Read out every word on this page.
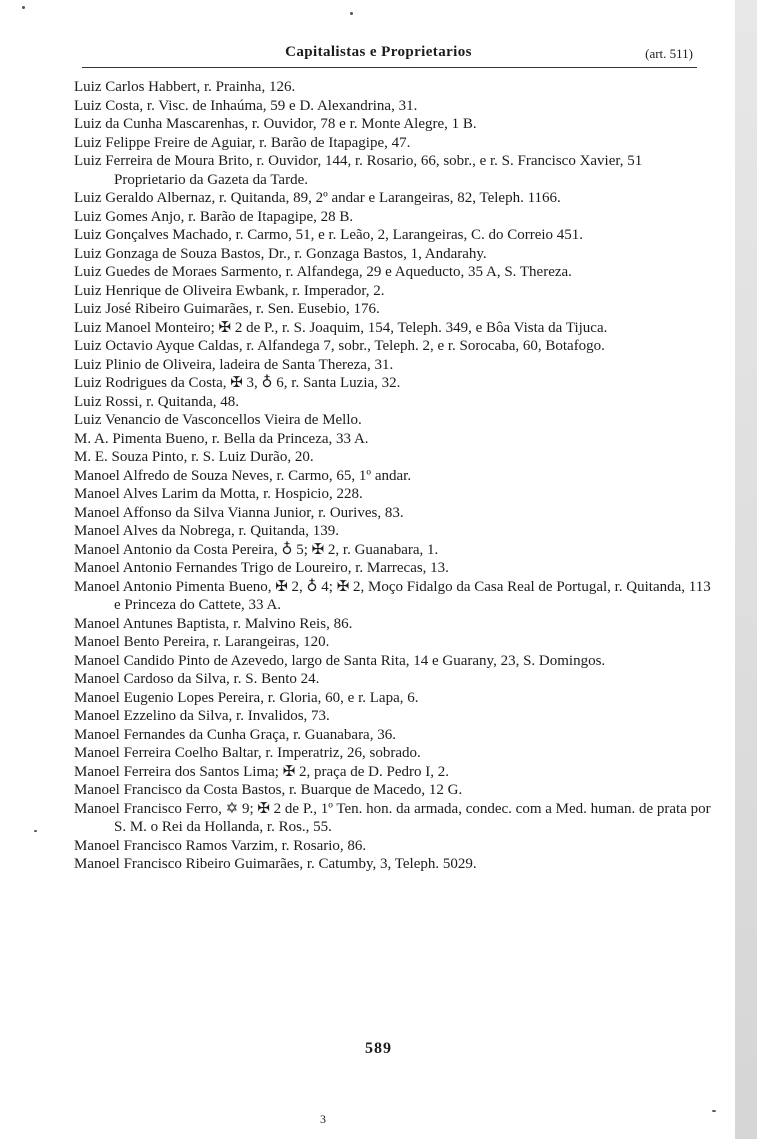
Capitalistas e Proprietarios	(art. 511)
Luiz Carlos Habbert, r. Prainha, 126.
Luiz Costa, r. Visc. de Inhaúma, 59 e D. Alexandrina, 31.
Luiz da Cunha Mascarenhas, r. Ouvidor, 78 e r. Monte Alegre, 1 B.
Luiz Felippe Freire de Aguiar, r. Barão de Itapagipe, 47.
Luiz Ferreira de Moura Brito, r. Ouvidor, 144, r. Rosario, 66, sobr., e r. S. Francisco Xavier, 51 Proprietario da Gazeta da Tarde.
Luiz Geraldo Albernaz, r. Quitanda, 89, 2º andar e Larangeiras, 82, Teleph. 1166.
Luiz Gomes Anjo, r. Barão de Itapagipe, 28 B.
Luiz Gonçalves Machado, r. Carmo, 51, e r. Leão, 2, Larangeiras, C. do Correio 451.
Luiz Gonzaga de Souza Bastos, Dr., r. Gonzaga Bastos, 1, Andarahy.
Luiz Guedes de Moraes Sarmento, r. Alfandega, 29 e Aqueducto, 35 A, S. Thereza.
Luiz Henrique de Oliveira Ewbank, r. Imperador, 2.
Luiz José Ribeiro Guimarães, r. Sen. Eusebio, 176.
Luiz Manoel Monteiro; ✠ 2 de P., r. S. Joaquim, 154, Teleph. 349, e Bôa Vista da Tijuca.
Luiz Octavio Ayque Caldas, r. Alfandega 7, sobr., Teleph. 2, e r. Sorocaba, 60, Botafogo.
Luiz Plinio de Oliveira, ladeira de Santa Thereza, 31.
Luiz Rodrigues da Costa, ✠ 3, ♁ 6, r. Santa Luzia, 32.
Luiz Rossi, r. Quitanda, 48.
Luiz Venancio de Vasconcellos Vieira de Mello.
M. A. Pimenta Bueno, r. Bella da Princeza, 33 A.
M. E. Souza Pinto, r. S. Luiz Durão, 20.
Manoel Alfredo de Souza Neves, r. Carmo, 65, 1º andar.
Manoel Alves Larim da Motta, r. Hospicio, 228.
Manoel Affonso da Silva Vianna Junior, r. Ourives, 83.
Manoel Alves da Nobrega, r. Quitanda, 139.
Manoel Antonio da Costa Pereira, ♁ 5; ✠ 2, r. Guanabara, 1.
Manoel Antonio Fernandes Trigo de Loureiro, r. Marrecas, 13.
Manoel Antonio Pimenta Bueno, ✠ 2, ♁ 4; ✠ 2, Moço Fidalgo da Casa Real de Portugal, r. Quitanda, 113 e Princeza do Cattete, 33 A.
Manoel Antunes Baptista, r. Malvino Reis, 86.
Manoel Bento Pereira, r. Larangeiras, 120.
Manoel Candido Pinto de Azevedo, largo de Santa Rita, 14 e Guarany, 23, S. Domingos.
Manoel Cardoso da Silva, r. S. Bento 24.
Manoel Eugenio Lopes Pereira, r. Gloria, 60, e r. Lapa, 6.
Manoel Ezzelino da Silva, r. Invalidos, 73.
Manoel Fernandes da Cunha Graça, r. Guanabara, 36.
Manoel Ferreira Coelho Baltar, r. Imperatriz, 26, sobrado.
Manoel Ferreira dos Santos Lima; ✠ 2, praça de D. Pedro I, 2.
Manoel Francisco da Costa Bastos, r. Buarque de Macedo, 12 G.
Manoel Francisco Ferro, ✡ 9; ✠ 2 de P., 1º Ten. hon. da armada, condec. com a Med. human. de prata por S. M. o Rei da Hollanda, r. Ros., 55.
Manoel Francisco Ramos Varzim, r. Rosario, 86.
Manoel Francisco Ribeiro Guimarães, r. Catumby, 3, Teleph. 5029.
589
3
